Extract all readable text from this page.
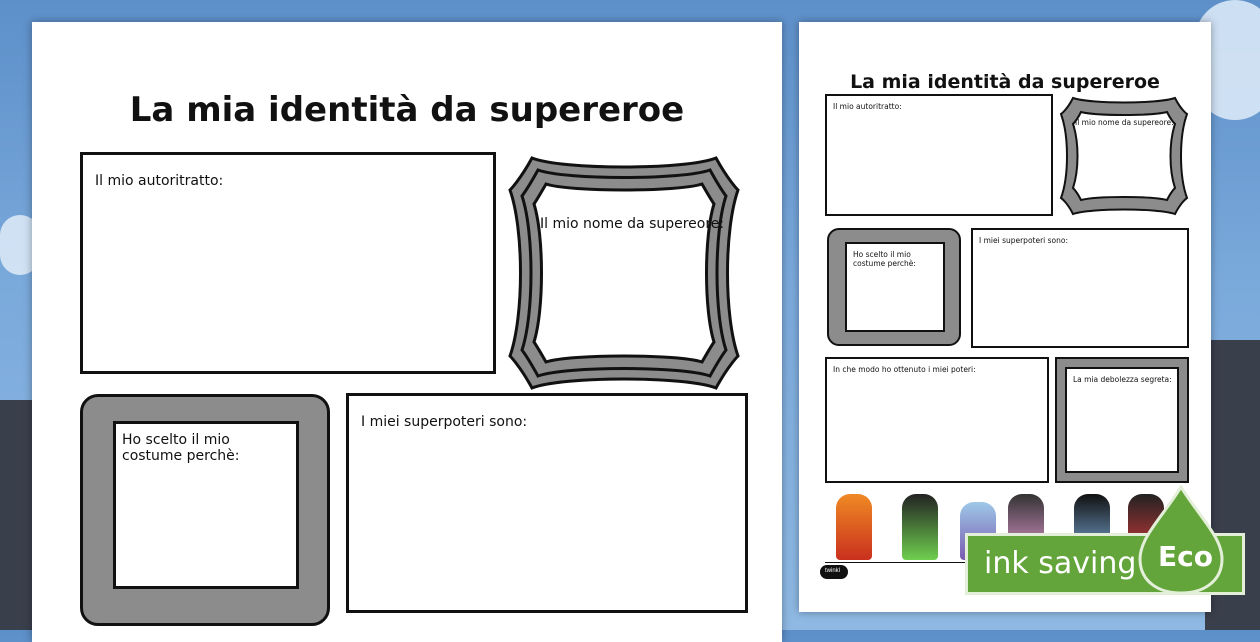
La mia identità da supereroe
Il mio autoritratto:
Il mio nome da supereore:
Ho scelto il mio costume perchè:
I miei superpoteri sono:
La mia identità da supereroe
Il mio autoritratto:
Il mio nome da supereore:
Ho scelto il mio costume perchè:
I miei superpoteri sono:
In che modo ho ottenuto i miei poteri:
La mia debolezza segreta:
twinkl	ink saving Eco
